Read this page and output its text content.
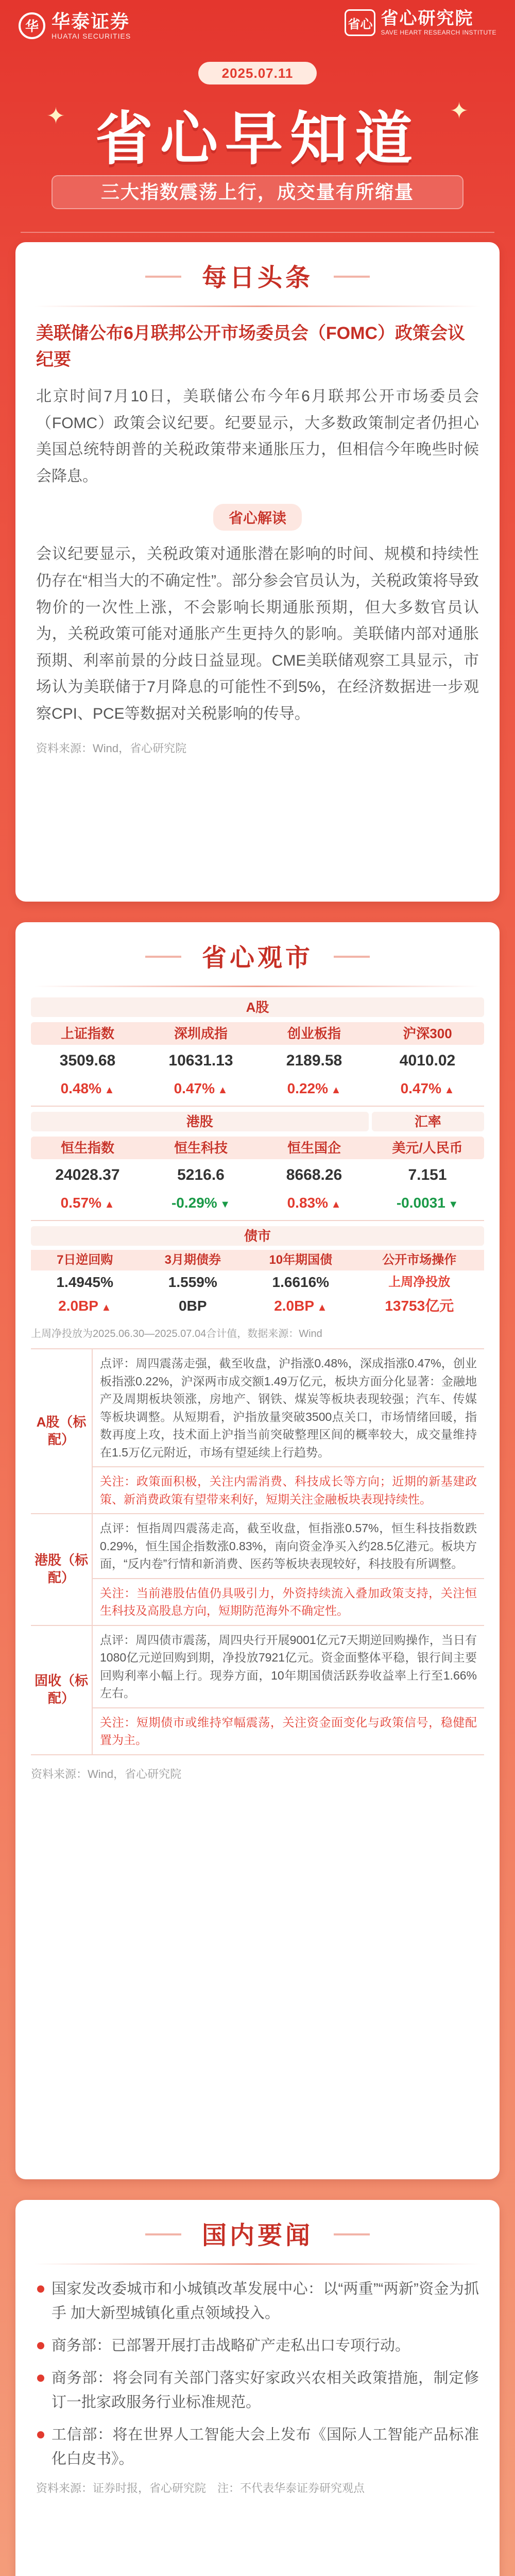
华 华泰证券
HUATAI SECURITIES
省心 省心研究院
SAVE HEART RESEARCH INSTITUTE
2025.07.11
✦	✦
省心早知道
三大指数震荡上行，成交量有所缩量
每日头条
美联储公布6月联邦公开市场委员会（FOMC）政策会议纪要
北京时间7月10日，美联储公布今年6月联邦公开市场委员会（FOMC）政策会议纪要。纪要显示，大多数政策制定者仍担心美国总统特朗普的关税政策带来通胀压力，但相信今年晚些时候会降息。
省心解读
会议纪要显示，关税政策对通胀潜在影响的时间、规模和持续性仍存在“相当大的不确定性”。部分参会官员认为，关税政策将导致物价的一次性上涨，不会影响长期通胀预期，但大多数官员认为，关税政策可能对通胀产生更持久的影响。美联储内部对通胀预期、利率前景的分歧日益显现。CME美联储观察工具显示，市场认为美联储于7月降息的可能性不到5%，在经济数据进一步观察CPI、PCE等数据对关税影响的传导。
资料来源：Wind，省心研究院
省心观市
A股
上证指数	深圳成指	创业板指	沪深300
3509.68	10631.13	2189.58	4010.02
0.48% ▲	0.47% ▲	0.22% ▲	0.47% ▲
港股	汇率
恒生指数	恒生科技	恒生国企	美元/人民币
24028.37	5216.6	8668.26	7.151
0.57% ▲	-0.29% ▼	0.83% ▲	-0.0031 ▼
债市
7日逆回购	3月期债券	10年期国债	公开市场操作
1.4945%	1.559%	1.6616%	上周净投放
2.0BP ▲	0BP	2.0BP ▲	13753亿元
上周净投放为2025.06.30—2025.07.04合计值，数据来源：Wind
A股（标配）
点评：周四震荡走强，截至收盘，沪指涨0.48%，深成指涨0.47%，创业板指涨0.22%，沪深两市成交额1.49万亿元，板块方面分化显著：金融地产及周期板块领涨，房地产、钢铁、煤炭等板块表现较强；汽车、传媒等板块调整。从短期看，沪指放量突破3500点关口，市场情绪回暖，指数再度上攻，技术面上沪指当前突破整理区间的概率较大，成交量维持在1.5万亿元附近，市场有望延续上行趋势。
关注：政策面积极，关注内需消费、科技成长等方向；近期的新基建政策、新消费政策有望带来利好，短期关注金融板块表现持续性。
港股（标配）
点评：恒指周四震荡走高，截至收盘，恒指涨0.57%，恒生科技指数跌0.29%，恒生国企指数涨0.83%，南向资金净买入约28.5亿港元。板块方面，“反内卷”行情和新消费、医药等板块表现较好，科技股有所调整。
关注：当前港股估值仍具吸引力，外资持续流入叠加政策支持，关注恒生科技及高股息方向，短期防范海外不确定性。
固收（标配）
点评：周四债市震荡，周四央行开展9001亿元7天期逆回购操作，当日有1080亿元逆回购到期，净投放7921亿元。资金面整体平稳，银行间主要回购利率小幅上行。现券方面，10年期国债活跃券收益率上行至1.66%左右。
关注：短期债市或维持窄幅震荡，关注资金面变化与政策信号，稳健配置为主。
资料来源：Wind，省心研究院
国内要闻
国家发改委城市和小城镇改革发展中心：以“两重”“两新”资金为抓手 加大新型城镇化重点领域投入。
商务部：已部署开展打击战略矿产走私出口专项行动。
商务部：将会同有关部门落实好家政兴农相关政策措施，制定修订一批家政服务行业标准规范。
工信部：将在世界人工智能大会上发布《国际人工智能产品标准化白皮书》。
资料来源：证券时报，省心研究院　注：不代表华泰证券研究观点
